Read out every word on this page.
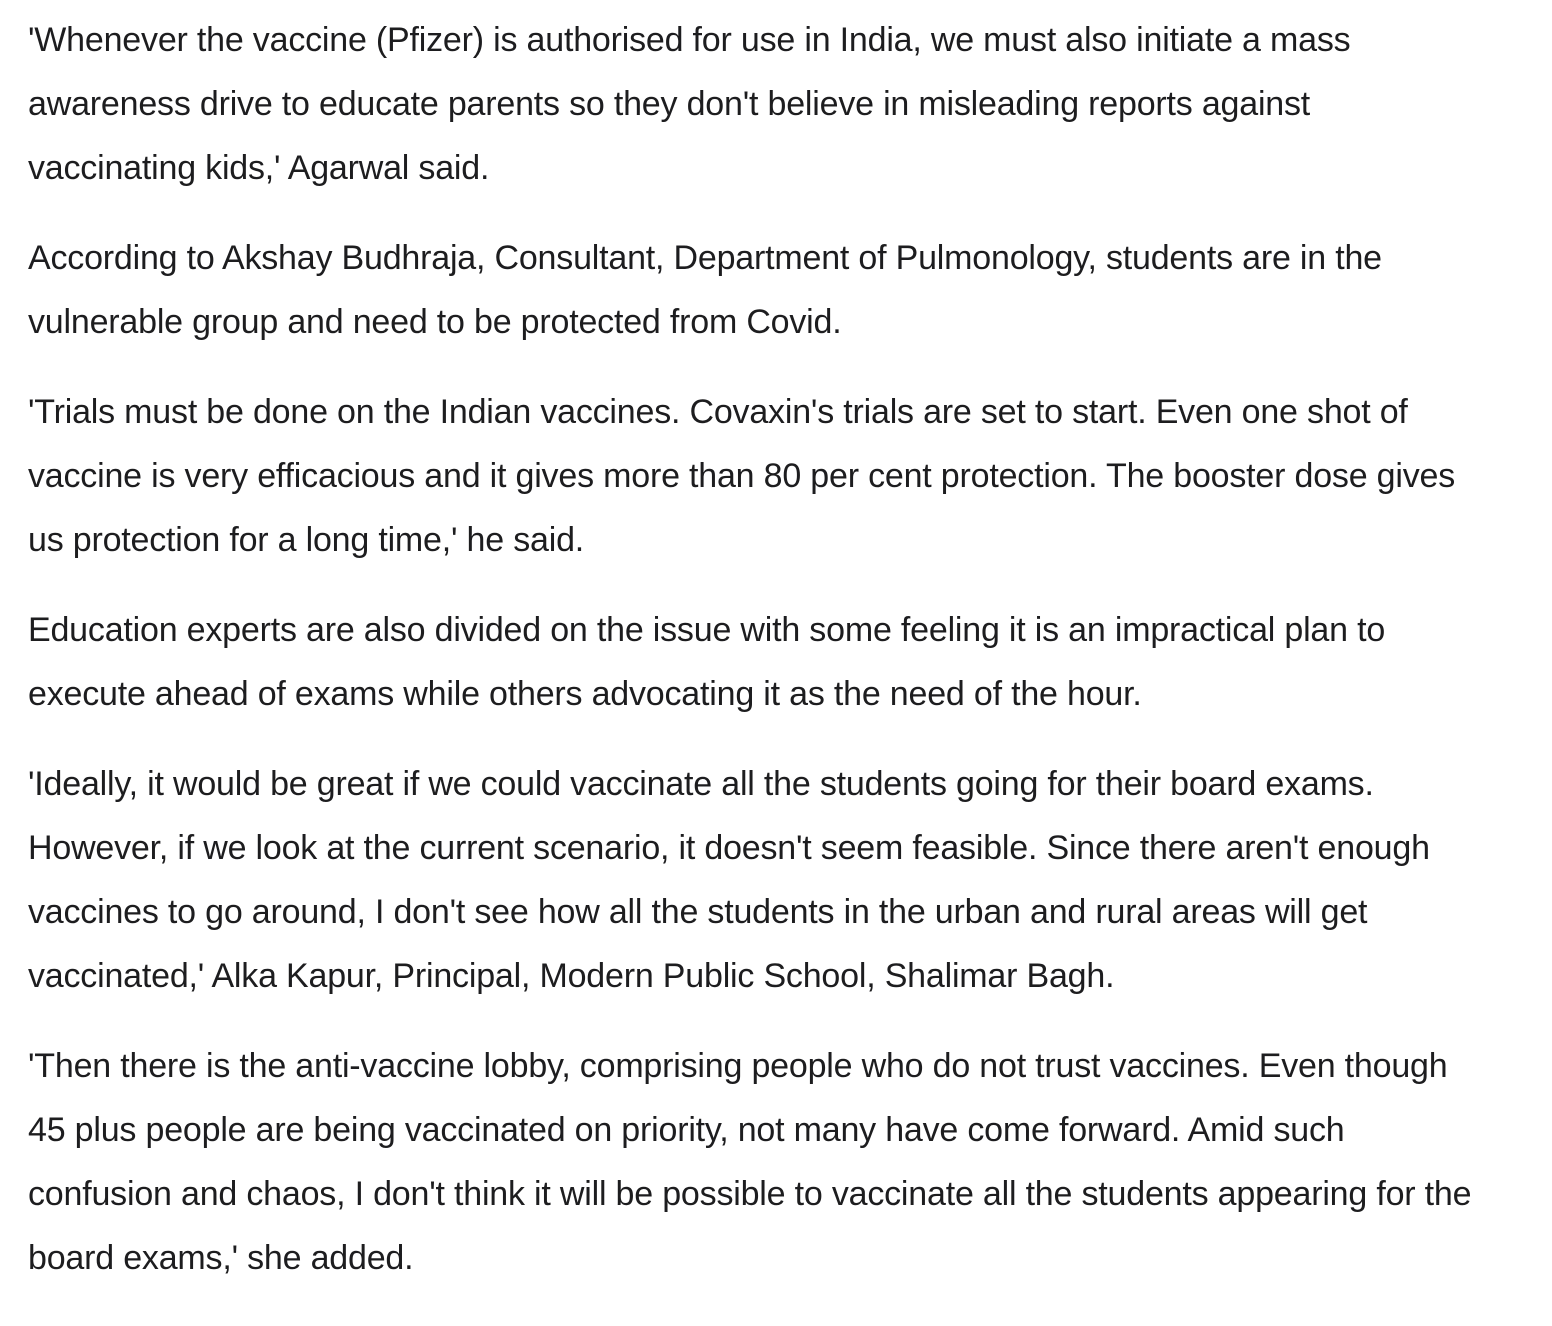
'Whenever the vaccine (Pfizer) is authorised for use in India, we must also initiate a mass awareness drive to educate parents so they don't believe in misleading reports against vaccinating kids,' Agarwal said.

According to Akshay Budhraja, Consultant, Department of Pulmonology, students are in the vulnerable group and need to be protected from Covid.

'Trials must be done on the Indian vaccines. Covaxin's trials are set to start. Even one shot of vaccine is very efficacious and it gives more than 80 per cent protection. The booster dose gives us protection for a long time,' he said.

Education experts are also divided on the issue with some feeling it is an impractical plan to execute ahead of exams while others advocating it as the need of the hour.

'Ideally, it would be great if we could vaccinate all the students going for their board exams. However, if we look at the current scenario, it doesn't seem feasible. Since there aren't enough vaccines to go around, I don't see how all the students in the urban and rural areas will get vaccinated,' Alka Kapur, Principal, Modern Public School, Shalimar Bagh.

'Then there is the anti-vaccine lobby, comprising people who do not trust vaccines. Even though 45 plus people are being vaccinated on priority, not many have come forward. Amid such confusion and chaos, I don't think it will be possible to vaccinate all the students appearing for the board exams,' she added.
